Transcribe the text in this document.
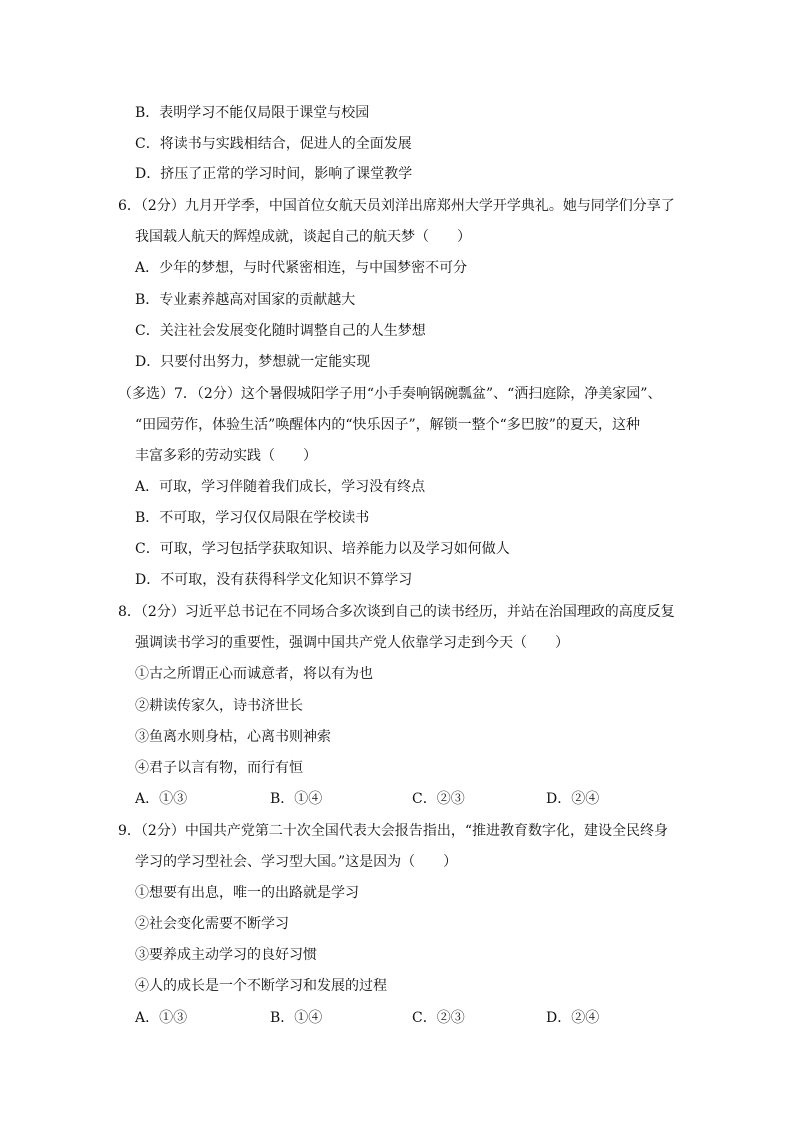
B．表明学习不能仅局限于课堂与校园
C．将读书与实践相结合，促进人的全面发展
D．挤压了正常的学习时间，影响了课堂教学
6．（2分）九月开学季，中国首位女航天员刘洋出席郑州大学开学典礼。她与同学们分享了
我国载人航天的辉煌成就，谈起自己的航天梦（　　）
A．少年的梦想，与时代紧密相连，与中国梦密不可分
B．专业素养越高对国家的贡献越大
C．关注社会发展变化随时调整自己的人生梦想
D．只要付出努力，梦想就一定能实现
（多选）7．（2分）这个暑假城阳学子用“小手奏响锅碗瓢盆”、“洒扫庭除，净美家园”、
“田园劳作，体验生活”唤醒体内的“快乐因子”，解锁一整个“多巴胺”的夏天，这种
丰富多彩的劳动实践（　　）
A．可取，学习伴随着我们成长，学习没有终点
B．不可取，学习仅仅局限在学校读书
C．可取，学习包括学获取知识、培养能力以及学习如何做人
D．不可取，没有获得科学文化知识不算学习
8．（2分）习近平总书记在不同场合多次谈到自己的读书经历，并站在治国理政的高度反复
强调读书学习的重要性，强调中国共产党人依靠学习走到今天（　　）
①古之所谓正心而诚意者，将以有为也
②耕读传家久，诗书济世长
③鱼离水则身枯，心离书则神索
④君子以言有物，而行有恒
A．①③	B．①④	C．②③	D．②④
9．（2分）中国共产党第二十次全国代表大会报告指出，“推进教育数字化，建设全民终身
学习的学习型社会、学习型大国。”这是因为（　　）
①想要有出息，唯一的出路就是学习
②社会变化需要不断学习
③要养成主动学习的良好习惯
④人的成长是一个不断学习和发展的过程
A．①③	B．①④	C．②③	D．②④
